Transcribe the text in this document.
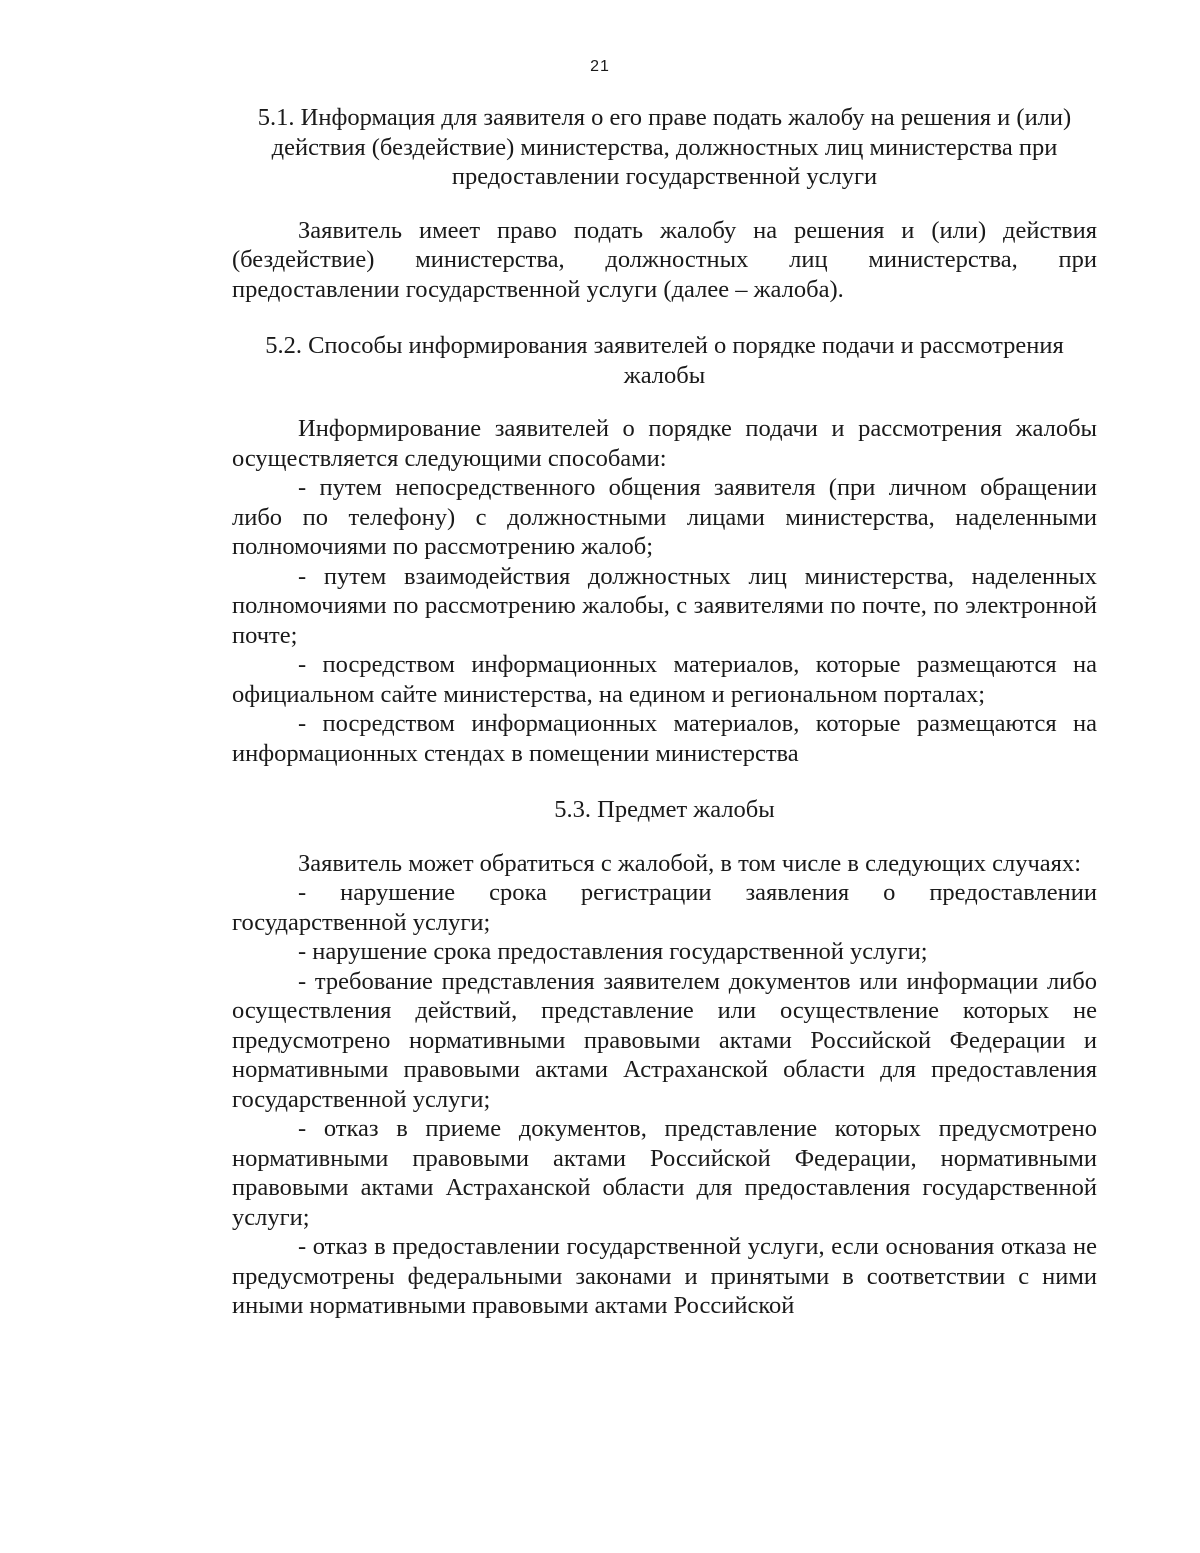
21

5.1. Информация для заявителя о его праве подать жалобу на решения и (или) действия (бездействие) министерства, должностных лиц министерства при предоставлении государственной услуги

Заявитель имеет право подать жалобу на решения и (или) действия (бездействие) министерства, должностных лиц министерства, при предоставлении государственной услуги (далее – жалоба).

5.2. Способы информирования заявителей о порядке подачи и рассмотрения жалобы

Информирование заявителей о порядке подачи и рассмотрения жалобы осуществляется следующими способами:

- путем непосредственного общения заявителя (при личном обращении либо по телефону) с должностными лицами министерства, наделенными полномочиями по рассмотрению жалоб;

- путем взаимодействия должностных лиц министерства, наделенных полномочиями по рассмотрению жалобы, с заявителями по почте, по электронной почте;

- посредством информационных материалов, которые размещаются на официальном сайте министерства, на едином и региональном порталах;

- посредством информационных материалов, которые размещаются на информационных стендах в помещении министерства

5.3. Предмет жалобы

Заявитель может обратиться с жалобой, в том числе в следующих случаях:

- нарушение срока регистрации заявления о предоставлении государственной услуги;

- нарушение срока предоставления государственной услуги;

- требование представления заявителем документов или информации либо осуществления действий, представление или осуществление которых не предусмотрено нормативными правовыми актами Российской Федерации и нормативными правовыми актами Астраханской области для предоставления государственной услуги;

- отказ в приеме документов, представление которых предусмотрено нормативными правовыми актами Российской Федерации, нормативными правовыми актами Астраханской области для предоставления государственной услуги;

- отказ в предоставлении государственной услуги, если основания отказа не предусмотрены федеральными законами и принятыми в соответствии с ними иными нормативными правовыми актами Российской
